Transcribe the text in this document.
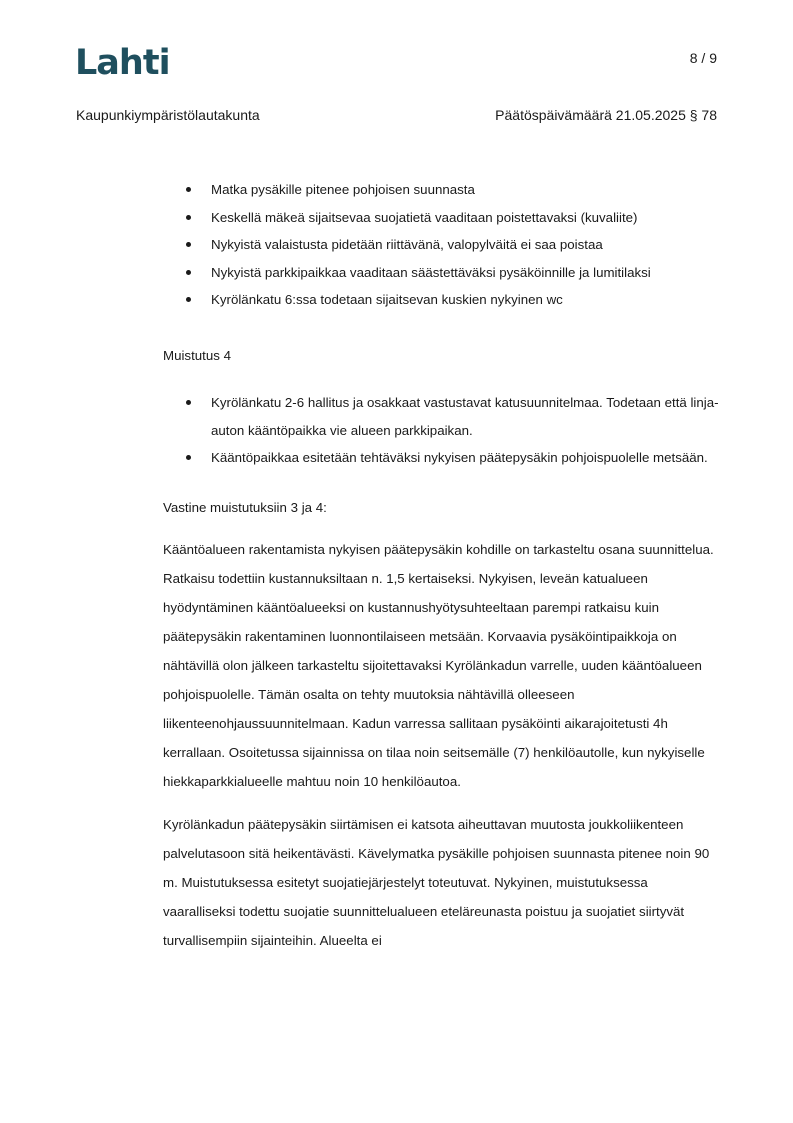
Lahti	8 / 9
Kaupunkiympäristölautakunta	Päätöspäivämäärä 21.05.2025 § 78
Matka pysäkille pitenee pohjoisen suunnasta
Keskellä mäkeä sijaitsevaa suojatietä vaaditaan poistettavaksi (kuvaliite)
Nykyistä valaistusta pidetään riittävänä, valopylväitä ei saa poistaa
Nykyistä parkkipaikkaa vaaditaan säästettäväksi pysäköinnille ja lumitilaksi
Kyrölänkatu 6:ssa todetaan sijaitsevan kuskien nykyinen wc

Muistutus 4

Kyrölänkatu 2-6 hallitus ja osakkaat vastustavat katusuunnitelmaa. Todetaan että linja-auton kääntöpaikka vie alueen parkkipaikan.
Kääntöpaikkaa esitetään tehtäväksi nykyisen päätepysäkin pohjoispuolelle metsään.

Vastine muistutuksiin 3 ja 4:

Kääntöalueen rakentamista nykyisen päätepysäkin kohdille on tarkasteltu osana suunnittelua. Ratkaisu todettiin kustannuksiltaan n. 1,5 kertaiseksi. Nykyisen, leveän katualueen hyödyntäminen kääntöalueeksi on kustannushyötysuhteeltaan parempi ratkaisu kuin päätepysäkin rakentaminen luonnontilaiseen metsään. Korvaavia pysäköintipaikkoja on nähtävillä olon jälkeen tarkasteltu sijoitettavaksi Kyrölänkadun varrelle, uuden kääntöalueen pohjoispuolelle. Tämän osalta on tehty muutoksia nähtävillä olleeseen liikenteenohjaussuunnitelmaan. Kadun varressa sallitaan pysäköinti aikarajoitetusti 4h kerrallaan. Osoitetussa sijainnissa on tilaa noin seitsemälle (7) henkilöautolle, kun nykyiselle hiekkaparkkialueelle mahtuu noin 10 henkilöautoa.

Kyrölänkadun päätepysäkin siirtämisen ei katsota aiheuttavan muutosta joukkoliikenteen palvelutasoon sitä heikentävästi. Kävelymatka pysäkille pohjoisen suunnasta pitenee noin 90 m. Muistutuksessa esitetyt suojatiejärjestelyt toteutuvat. Nykyinen, muistutuksessa vaaralliseksi todettu suojatie suunnittelualueen eteläreunasta poistuu ja suojatiet siirtyvät turvallisempiin sijainteihin. Alueelta ei
